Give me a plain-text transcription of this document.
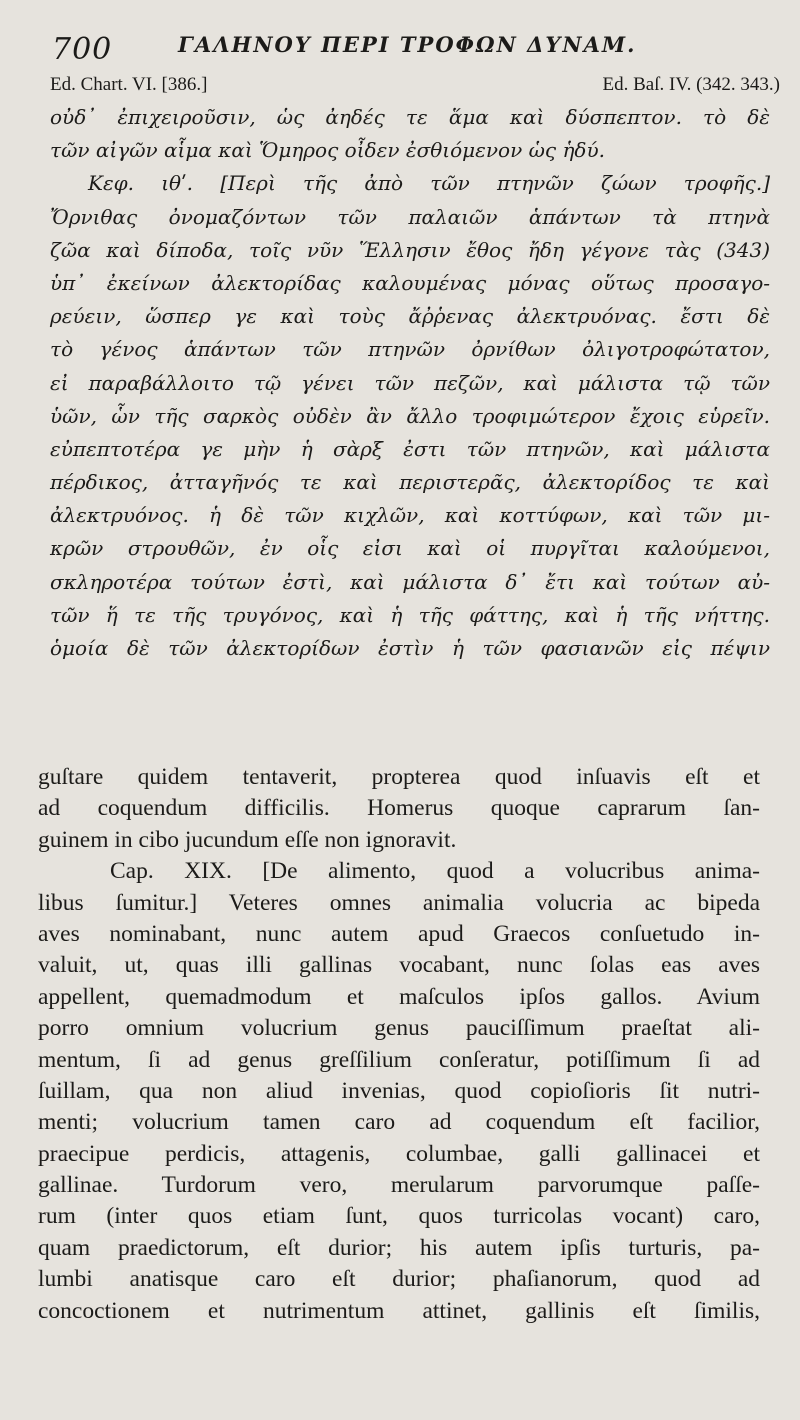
700	ΓΑΛΗΝΟΥ ΠΕΡΙ ΤΡΟΦΩΝ ΔΥΝΑΜ.
Ed. Chart. VI. [386.]	Ed. Baſ. IV. (342. 343.)
οὐδ᾽ ἐπιχειροῦσιν, ὡς ἀηδές τε ἅμα καὶ δύσπεπτον. τὸ δὲ
τῶν αἰγῶν αἷμα καὶ Ὅμηρος οἶδεν ἐσθιόμενον ὡς ἡδύ.
Κεφ. ιθʹ. [Περὶ τῆς ἀπὸ τῶν πτηνῶν ζώων τροφῆς.]
Ὄρνιθας ὀνομαζόντων τῶν παλαιῶν ἁπάντων τὰ πτηνὰ
ζῶα καὶ δίποδα, τοῖς νῦν Ἕλλησιν ἔθος ἤδη γέγονε τὰς (343)
ὑπ᾽ ἐκείνων ἀλεκτορίδας καλουμένας μόνας οὕτως προσαγο-
ρεύειν, ὥσπερ γε καὶ τοὺς ἄῤῥενας ἀλεκτρυόνας. ἔστι δὲ
τὸ γένος ἁπάντων τῶν πτηνῶν ὀρνίθων ὀλιγοτροφώτατον,
εἰ παραβάλλοιτο τῷ γένει τῶν πεζῶν, καὶ μάλιστα τῷ τῶν
ὑῶν, ὧν τῆς σαρκὸς οὐδὲν ἂν ἄλλο τροφιμώτερον ἔχοις εὑρεῖν.
εὐπεπτοτέρα γε μὴν ἡ σὰρξ ἐστι τῶν πτηνῶν, καὶ μάλιστα
πέρδικος, ἀτταγῆνός τε καὶ περιστερᾶς, ἀλεκτορίδος τε καὶ
ἀλεκτρυόνος. ἡ δὲ τῶν κιχλῶν, καὶ κοττύφων, καὶ τῶν μι-
κρῶν στρουθῶν, ἐν οἷς εἰσι καὶ οἱ πυργῖται καλούμενοι,
σκληροτέρα τούτων ἐστὶ, καὶ μάλιστα δ᾽ ἔτι καὶ τούτων αὐ-
τῶν ἥ τε τῆς τρυγόνος, καὶ ἡ τῆς φάττης, καὶ ἡ τῆς νήττης.
ὁμοία δὲ τῶν ἀλεκτορίδων ἐστὶν ἡ τῶν φασιανῶν εἰς πέψιν
guſtare quidem tentaverit, propterea quod inſuavis eſt et
ad coquendum difficilis. Homerus quoque caprarum ſan-
guinem in cibo jucundum eſſe non ignoravit.
Cap. XIX. [De alimento, quod a volucribus anima-
libus ſumitur.] Veteres omnes animalia volucria ac bipeda
aves nominabant, nunc autem apud Graecos conſuetudo in-
valuit, ut, quas illi gallinas vocabant, nunc ſolas eas aves
appellent, quemadmodum et maſculos ipſos gallos. Avium
porro omnium volucrium genus pauciſſimum praeſtat ali-
mentum, ſi ad genus greſſilium conſeratur, potiſſimum ſi ad
ſuillam, qua non aliud invenias, quod copioſioris ſit nutri-
menti; volucrium tamen caro ad coquendum eſt facilior,
praecipue perdicis, attagenis, columbae, galli gallinacei et
gallinae. Turdorum vero, merularum parvorumque paſſe-
rum (inter quos etiam ſunt, quos turricolas vocant) caro,
quam praedictorum, eſt durior; his autem ipſis turturis, pa-
lumbi anatisque caro eſt durior; phaſianorum, quod ad
concoctionem et nutrimentum attinet, gallinis eſt ſimilis,
